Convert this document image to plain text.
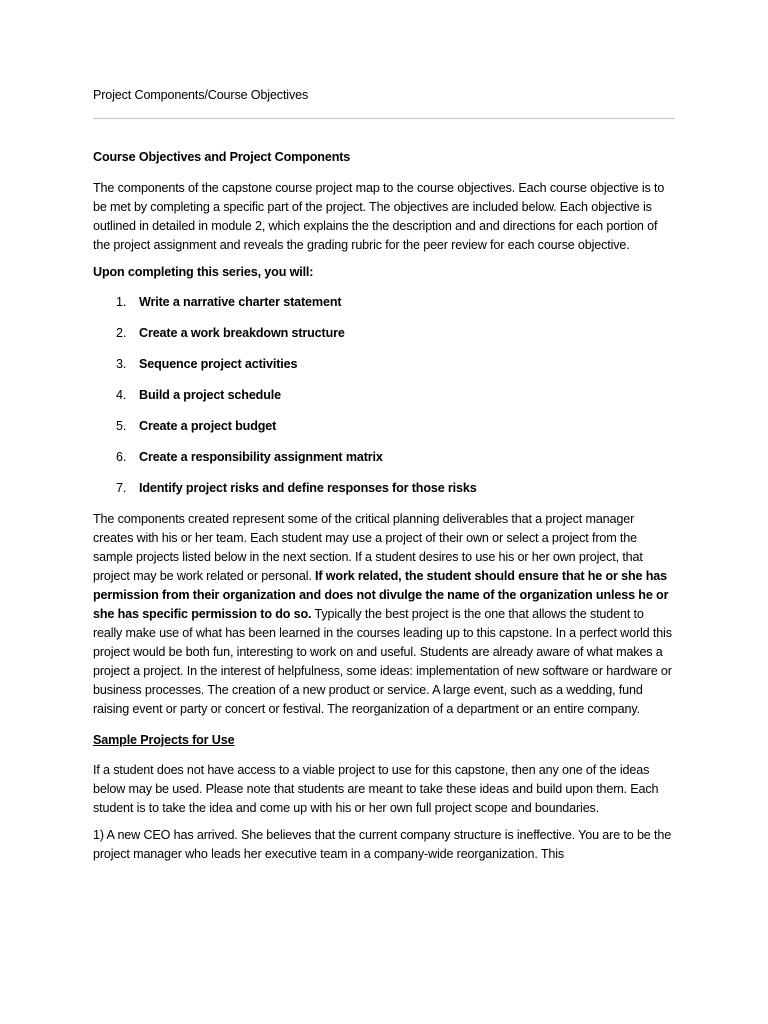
Project Components/Course Objectives

Course Objectives and Project Components

The components of the capstone course project map to the course objectives. Each course objective is to be met by completing a specific part of the project. The objectives are included below. Each objective is outlined in detailed in module 2, which explains the the description and and directions for each portion of the project assignment and reveals the grading rubric for the peer review for each course objective.

Upon completing this series, you will:

1. Write a narrative charter statement
2. Create a work breakdown structure
3. Sequence project activities
4. Build a project schedule
5. Create a project budget
6. Create a responsibility assignment matrix
7. Identify project risks and define responses for those risks

The components created represent some of the critical planning deliverables that a project manager creates with his or her team. Each student may use a project of their own or select a project from the sample projects listed below in the next section. If a student desires to use his or her own project, that project may be work related or personal. If work related, the student should ensure that he or she has permission from their organization and does not divulge the name of the organization unless he or she has specific permission to do so. Typically the best project is the one that allows the student to really make use of what has been learned in the courses leading up to this capstone. In a perfect world this project would be both fun, interesting to work on and useful. Students are already aware of what makes a project a project. In the interest of helpfulness, some ideas: implementation of new software or hardware or business processes. The creation of a new product or service. A large event, such as a wedding, fund raising event or party or concert or festival. The reorganization of a department or an entire company.

Sample Projects for Use

If a student does not have access to a viable project to use for this capstone, then any one of the ideas below may be used. Please note that students are meant to take these ideas and build upon them. Each student is to take the idea and come up with his or her own full project scope and boundaries.

1) A new CEO has arrived. She believes that the current company structure is ineffective. You are to be the project manager who leads her executive team in a company-wide reorganization. This
